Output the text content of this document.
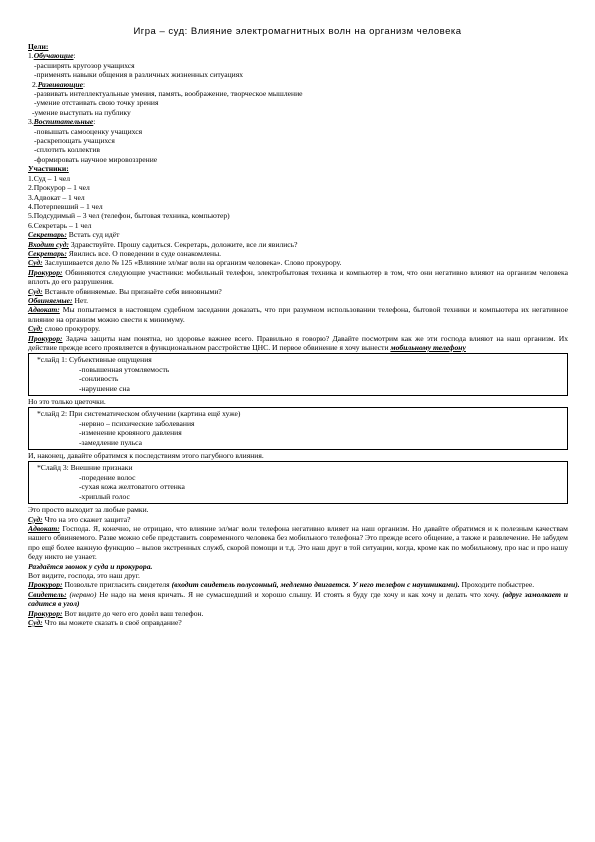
Игра – суд: Влияние электромагнитных волн на организм человека
Цели:
1.Обучающие:
-расширять кругозор учащихся
-применять навыки общения в различных жизненных ситуациях
2.Развивающие:
-развивать интеллектуальные умения, память, воображение, творческое мышление
-умение отстаивать свою точку зрения
-умение выступать на публику
3.Воспитательные:
-повышать самооценку учащихся
-раскрепощать учащихся
-сплотить коллектив
-формировать научное мировоззрение
Участники:
1.Суд – 1 чел
2.Прокурор – 1 чел
3.Адвокат – 1 чел
4.Потерпевший – 1 чел
5.Подсудимый – 3 чел (телефон, бытовая техника, компьютер)
6.Секретарь – 1 чел
Секретарь: Встать суд идёт
Входит суд: Здравствуйте. Прошу садиться. Секретарь, доложите, все ли явились?
Секретарь: Явились все. О поведении в суде ознакомлены.
Суд: Заслушивается дело № 125 «Влияние эл/маг волн на организм человека». Слово прокурору.
Прокурор: Обвиняются следующие участники: мобильный телефон, электробытовая техника и компьютер в том, что они негативно влияют на организм человека вплоть до его разрушения.
Суд: Встаньте обвиняемые. Вы признаёте себя виновными?
Обвиняемые: Нет.
Адвокат: Мы попытаемся в настоящем судебном заседании доказать, что при разумном использовании телефона, бытовой техники и компьютера их негативное влияние на организм можно свести к минимуму.
Суд: слово прокурору.
Прокурор: Задача защиты нам понятна, но здоровье важнее всего. Правильно я говорю? Давайте посмотрим как же эти господа влияют на наш организм. Их действие прежде всего проявляется в функциональном расстройстве ЦНС. И первое обвинение я хочу вынести мобильному телефону
*слайд 1: Субъективные ощущения
-повышенная утомляемость
-сонливость
-нарушение сна
Но это только цветочки.
*слайд 2: При систематическом облучении (картина ещё хуже)
-нервно – психические заболевания
-изменение кровяного давления
-замедление пульса
И, наконец, давайте обратимся к последствиям этого пагубного влияния.
*Слайд 3: Внешние признаки
-поредение волос
-сухая кожа желтоватого оттенка
-хриплый голос
Это просто выходит за любые рамки.
Суд: Что на это скажет защита?
Адвокат: Господа. Я, конечно, не отрицаю, что влияние эл/маг волн телефона негативно влияет на наш организм. Но давайте обратимся и к полезным качествам нашего обвиняемого. Разве можно себе представить современного человека без мобильного телефона? Это прежде всего общение, а также и развлечение. Не забудем про ещё более важную функцию – вызов экстренных служб, скорой помощи и т.д. Это наш друг в той ситуации, когда, кроме как по мобильному, про нас и про нашу беду никто не узнает.
Раздаётся звонок у суда и прокурора.
Вот видите, господа, это наш друг.
Прокурор: Позвольте пригласить свидетеля (входит свидетель полусонный, медленно двигается. У него телефон с наушниками). Проходите побыстрее.
Свидетель: (нервно) Не надо на меня кричать. Я не сумасшедший и хорошо слышу. И стоять я буду где хочу и как хочу и делать что хочу. (вдруг замолкает и садится в угол)
Прокурор: Вот видите до чего его довёл ваш телефон.
Суд: Что вы можете сказать в своё оправдание?
